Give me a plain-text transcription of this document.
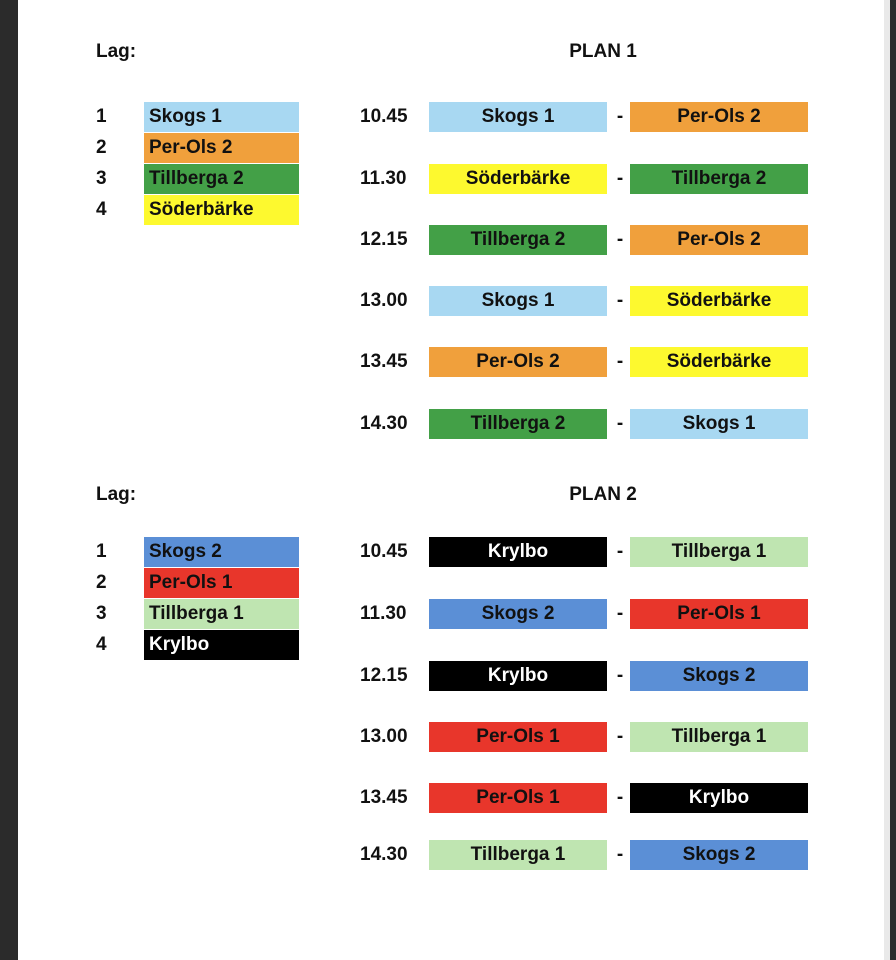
Lag:	PLAN 1
1	Skogs 1
2	Per-Ols 2
3	Tillberga 2
4	Söderbärke
10.45	Skogs 1	-	Per-Ols 2
11.30	Söderbärke	-	Tillberga 2
12.15	Tillberga 2	-	Per-Ols 2
13.00	Skogs 1	-	Söderbärke
13.45	Per-Ols 2	-	Söderbärke
14.30	Tillberga 2	-	Skogs 1
Lag:	PLAN 2
1	Skogs 2
2	Per-Ols 1
3	Tillberga 1
4	Krylbo
10.45	Krylbo	-	Tillberga 1
11.30	Skogs 2	-	Per-Ols 1
12.15	Krylbo	-	Skogs 2
13.00	Per-Ols 1	-	Tillberga 1
13.45	Per-Ols 1	-	Krylbo
14.30	Tillberga 1	-	Skogs 2
